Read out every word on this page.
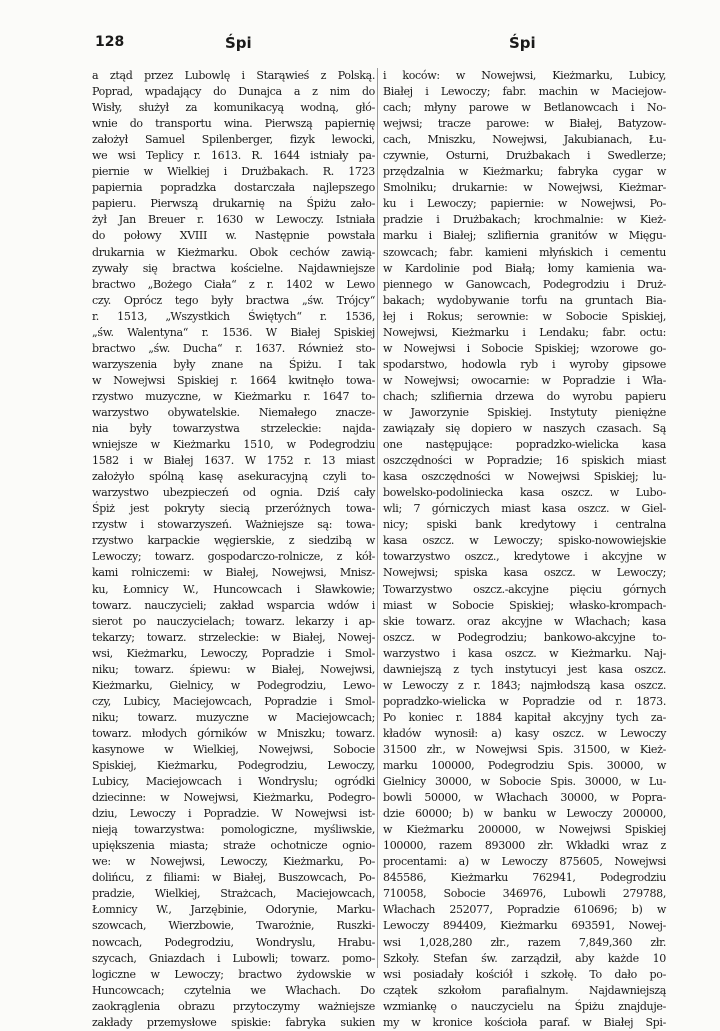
128	Śpi	Śpi
a ztąd przez Lubowlę i Starąwieś z Polską.
Poprad, wpadający do Dunajca a z nim do
Wisły, służył za komunikacyą wodną, głó-
wnie do transportu wina. Pierwszą papiernię
założył Samuel Spilenberger, fizyk lewocki,
we wsi Teplicy r. 1613. R. 1644 istniały pa-
piernie w Wielkiej i Drużbakach. R. 1723
papiernia popradzka dostarczała najlepszego
papieru. Pierwszą drukarnię na Śpiżu zało-
żył Jan Breuer r. 1630 w Lewoczy. Istniała
do połowy XVIII w. Następnie powstała
drukarnia w Kieżmarku. Obok cechów zawią-
zywały się bractwa kościelne. Najdawniejsze
bractwo „Bożego Ciała“ z r. 1402 w Lewo
czy. Oprócz tego były bractwa „św. Trójcy“
r. 1513, „Wszystkich Świętych“ r. 1536,
„św. Walentyna“ r. 1536. W Białej Spiskiej
bractwo „św. Ducha“ r. 1637. Również sto-
warzyszenia były znane na Śpiżu. I tak
w Nowejwsi Spiskiej r. 1664 kwitnęło towa-
rzystwo muzyczne, w Kieżmarku r. 1647 to-
warzystwo obywatelskie. Niemałego znacze-
nia były towarzystwa strzeleckie: najda-
wniejsze w Kieżmarku 1510, w Podegrodziu
1582 i w Białej 1637. W 1752 r. 13 miast
założyło spólną kasę asekuracyjną czyli to-
warzystwo ubezpieczeń od ognia. Dziś cały
Śpiż jest pokryty siecią przeróżnych towa-
rzystw i stowarzyszeń. Ważniejsze są: towa-
rzystwo karpackie węgierskie, z siedzibą w
Lewoczy; towarz. gospodarczo-rolnicze, z kół-
kami rolniczemi: w Białej, Nowejwsi, Mnisz-
ku, Łomnicy W., Huncowcach i Sławkowie;
towarz. nauczycieli; zakład wsparcia wdów i
sierot po nauczycielach; towarz. lekarzy i ap-
tekarzy; towarz. strzeleckie: w Białej, Nowej-
wsi, Kieżmarku, Lewoczy, Popradzie i Smol-
niku; towarz. śpiewu: w Białej, Nowejwsi,
Kieżmarku, Gielnicy, w Podegrodziu, Lewo-
czy, Lubicy, Maciejowcach, Popradzie i Smol-
niku; towarz. muzyczne w Maciejowcach;
towarz. młodych górników w Mniszku; towarz.
kasynowe w Wielkiej, Nowejwsi, Sobocie
Spiskiej, Kieżmarku, Podegrodziu, Lewoczy,
Lubicy, Maciejowcach i Wondryslu; ogródki
dziecinne: w Nowejwsi, Kieżmarku, Podegro-
dziu, Lewoczy i Popradzie. W Nowejwsi ist-
nieją towarzystwa: pomologiczne, myśliwskie,
upiększenia miasta; straże ochotnicze ognio-
we: w Nowejwsi, Lewoczy, Kieżmarku, Po-
dolińcu, z filiami: w Białej, Buszowcach, Po-
pradzie, Wielkiej, Strażcach, Maciejowcach,
Łomnicy W., Jarzębinie, Odorynie, Marku-
szowcach, Wierzbowie, Twarożnie, Ruszki-
nowcach, Podegrodziu, Wondryslu, Hrabu-
szycach, Gniazdach i Lubowli; towarz. pomo-
logiczne w Lewoczy; bractwo żydowskie w
Huncowcach; czytelnia we Włachach. Do
zaokrąglenia obrazu przytoczymy ważniejsze
zakłady przemysłowe spiskie: fabryka sukien
i koców: w Nowejwsi, Kieżmarku, Lubicy,
Białej i Lewoczy; fabr. machin w Maciejow-
cach; młyny parowe w Betlanowcach i No-
wejwsi; tracze parowe: w Białej, Batyzow-
cach, Mniszku, Nowejwsi, Jakubianach, Łu-
czywnie, Osturni, Drużbakach i Swedlerze;
przędzalnia w Kieżmarku; fabryka cygar w
Smolniku; drukarnie: w Nowejwsi, Kieżmar-
ku i Lewoczy; papiernie: w Nowejwsi, Po-
pradzie i Drużbakach; krochmalnie: w Kież-
marku i Białej; szlifiernia granitów w Mięgu-
szowcach; fabr. kamieni młyńskich i cementu
w Kardolinie pod Białą; łomy kamienia wa-
piennego w Ganowcach, Podegrodziu i Druż-
bakach; wydobywanie torfu na gruntach Bia-
łej i Rokus; serownie: w Sobocie Spiskiej,
Nowejwsi, Kieżmarku i Lendaku; fabr. octu:
w Nowejwsi i Sobocie Spiskiej; wzorowe go-
spodarstwo, hodowla ryb i wyroby gipsowe
w Nowejwsi; owocarnie: w Popradzie i Wła-
chach; szlifiernia drzewa do wyrobu papieru
w Jaworzynie Spiskiej. Instytuty pieniężne
zawiązały się dopiero w naszych czasach. Są
one następujące: popradzko-wielicka kasa
oszczędności w Popradzie; 16 spiskich miast
kasa oszczędności w Nowejwsi Spiskiej; lu-
bowelsko-podoliniecka kasa oszcz. w Lubo-
wli; 7 górniczych miast kasa oszcz. w Giel-
nicy; spiski bank kredytowy i centralna
kasa oszcz. w Lewoczy; spisko-nowowiejskie
towarzystwo oszcz., kredytowe i akcyjne w
Nowejwsi; spiska kasa oszcz. w Lewoczy;
Towarzystwo oszcz.-akcyjne pięciu górnych
miast w Sobocie Spiskiej; własko-krompach-
skie towarz. oraz akcyjne w Włachach; kasa
oszcz. w Podegrodziu; bankowo-akcyjne to-
warzystwo i kasa oszcz. w Kieżmarku. Naj-
dawniejszą z tych instytucyi jest kasa oszcz.
w Lewoczy z r. 1843; najmłodszą kasa oszcz.
popradzko-wielicka w Popradzie od r. 1873.
Po koniec r. 1884 kapitał akcyjny tych za-
kładów wynosił: a) kasy oszcz. w Lewoczy
31500 złr., w Nowejwsi Spis. 31500, w Kież-
marku 100000, Podegrodziu Spis. 30000, w
Gielnicy 30000, w Sobocie Spis. 30000, w Lu-
bowli 50000, w Włachach 30000, w Popra-
dzie 60000; b) w banku w Lewoczy 200000,
w Kieżmarku 200000, w Nowejwsi Spiskiej
100000, razem 893000 złr. Wkładki wraz z
procentami: a) w Lewoczy 875605, Nowejwsi
845586, Kieżmarku 762941, Podegrodziu
710058, Sobocie 346976, Lubowli 279788,
Włachach 252077, Popradzie 610696; b) w
Lewoczy 894409, Kieżmarku 693591, Noweј-
wsi 1,028,280 złr., razem 7,849,360 złr.
Szkoły. Stefan św. zarządził, aby każde 10
wsi posiadały kościół i szkołę. To dało po-
czątek szkołom parafialnym. Najdawniejszą
wzmiankę o nauczycielu na Śpiżu znajduje-
my w kronice kościoła paraf. w Białej Spi-
